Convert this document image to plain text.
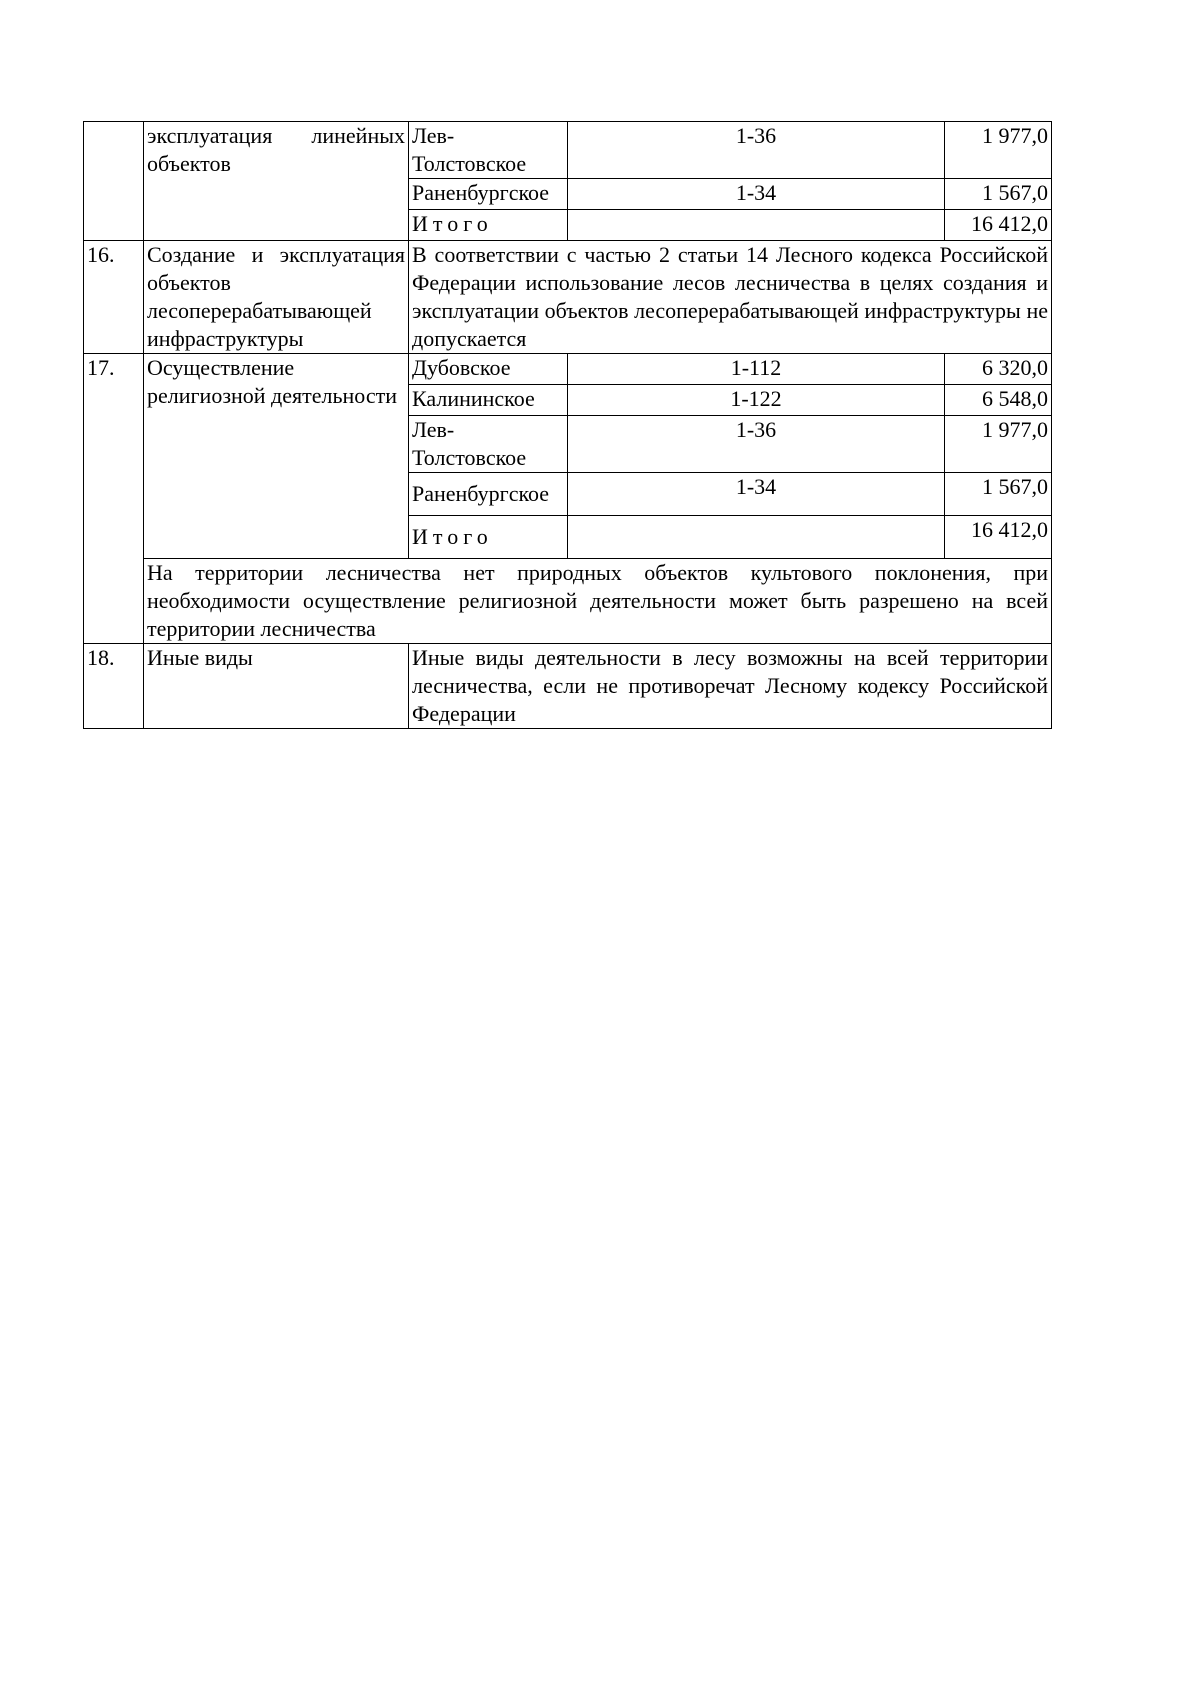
	эксплуатация линейных объектов	Лев-Толстовское	1-36	1 977,0
		Раненбургское	1-34	1 567,0
		Итого		16 412,0
16.	Создание и эксплуатация объектов лесоперерабатывающей инфраструктуры	В соответствии с частью 2 статьи 14 Лесного кодекса Российской Федерации использование лесов лесничества в целях создания и эксплуатации объектов лесоперерабатывающей инфраструктуры не допускается		
17.	Осуществление религиозной деятельности	Дубовское	1-112	6 320,0
		Калининское	1-122	6 548,0
		Лев-Толстовское	1-36	1 977,0
		Раненбургское	1-34	1 567,0
		Итого		16 412,0
	На территории лесничества нет природных объектов культового поклонения, при необходимости осуществление религиозной деятельности может быть разрешено на всей территории лесничества			
18.	Иные виды	Иные виды деятельности в лесу возможны на всей территории лесничества, если не противоречат Лесному кодексу Российской Федерации		
